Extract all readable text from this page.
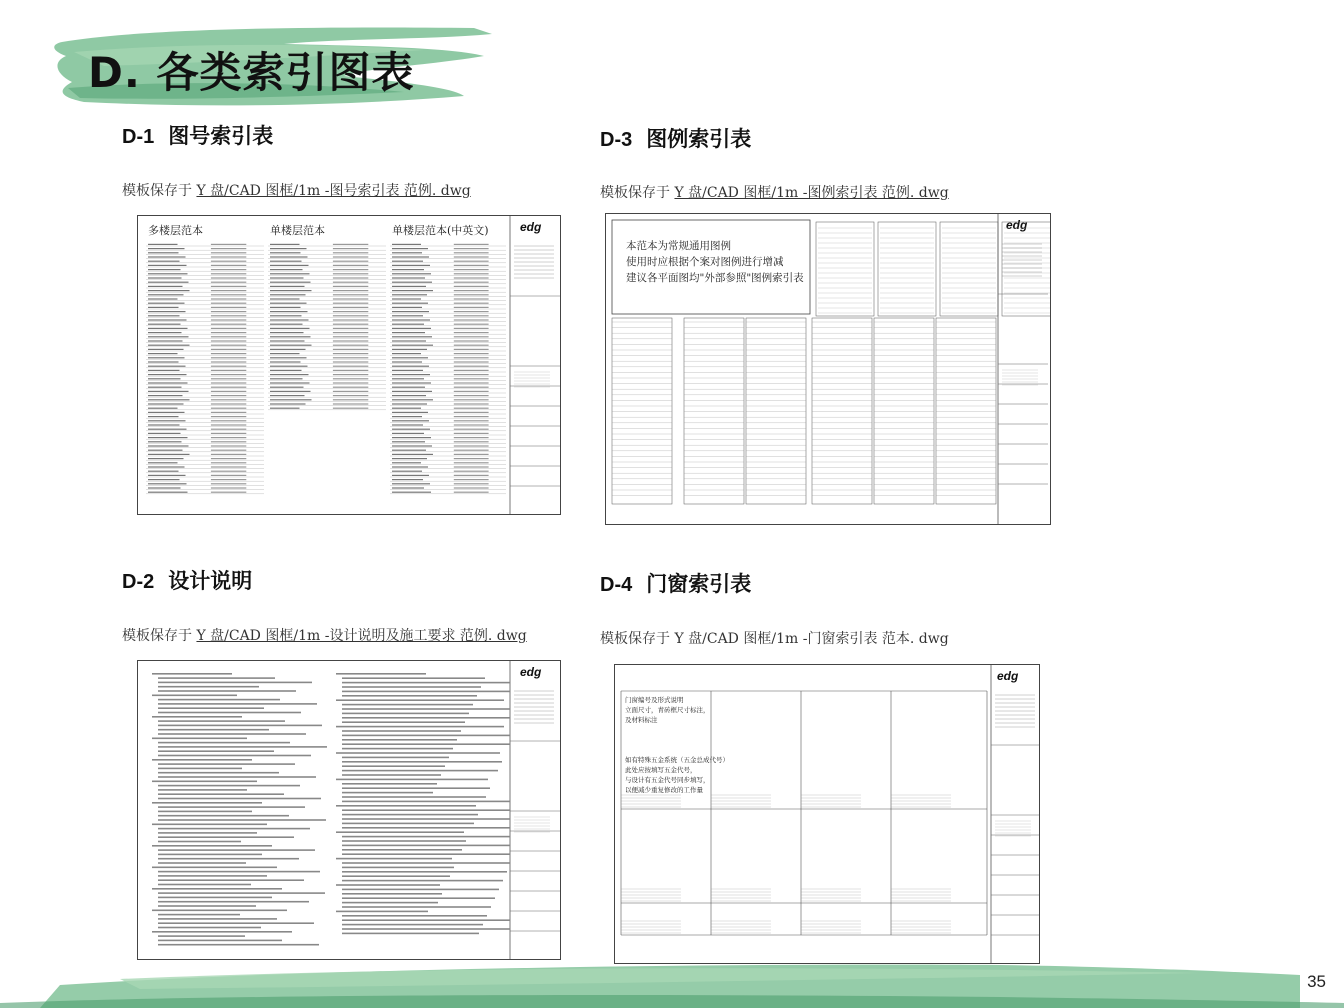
D. 各类索引图表
D-1 图号索引表
模板保存于 Y 盘/CAD 图框/1m -图号索引表 范例. dwg
D-3 图例索引表
模板保存于 Y 盘/CAD 图框/1m -图例索引表 范例. dwg
D-2 设计说明
模板保存于 Y 盘/CAD 图框/1m -设计说明及施工要求 范例. dwg
D-4 门窗索引表
模板保存于 Y 盘/CAD 图框/1m -门窗索引表 范本. dwg
多楼层范本	单楼层范本	单楼层范本(中英文)	edg
本范本为常规通用图例
使用时应根据个案对图例进行增减
建议各平面图均"外部参照"图例索引表
edg
edg
门窗编号及形式说明
立面尺寸，青砖框尺寸标注，
及材料标注
如有特殊五金系统（五金总成代号）
此处应按填写五金代号，
与设计有五金代号同步填写，
以便减少重复修改的工作量
edg
35
